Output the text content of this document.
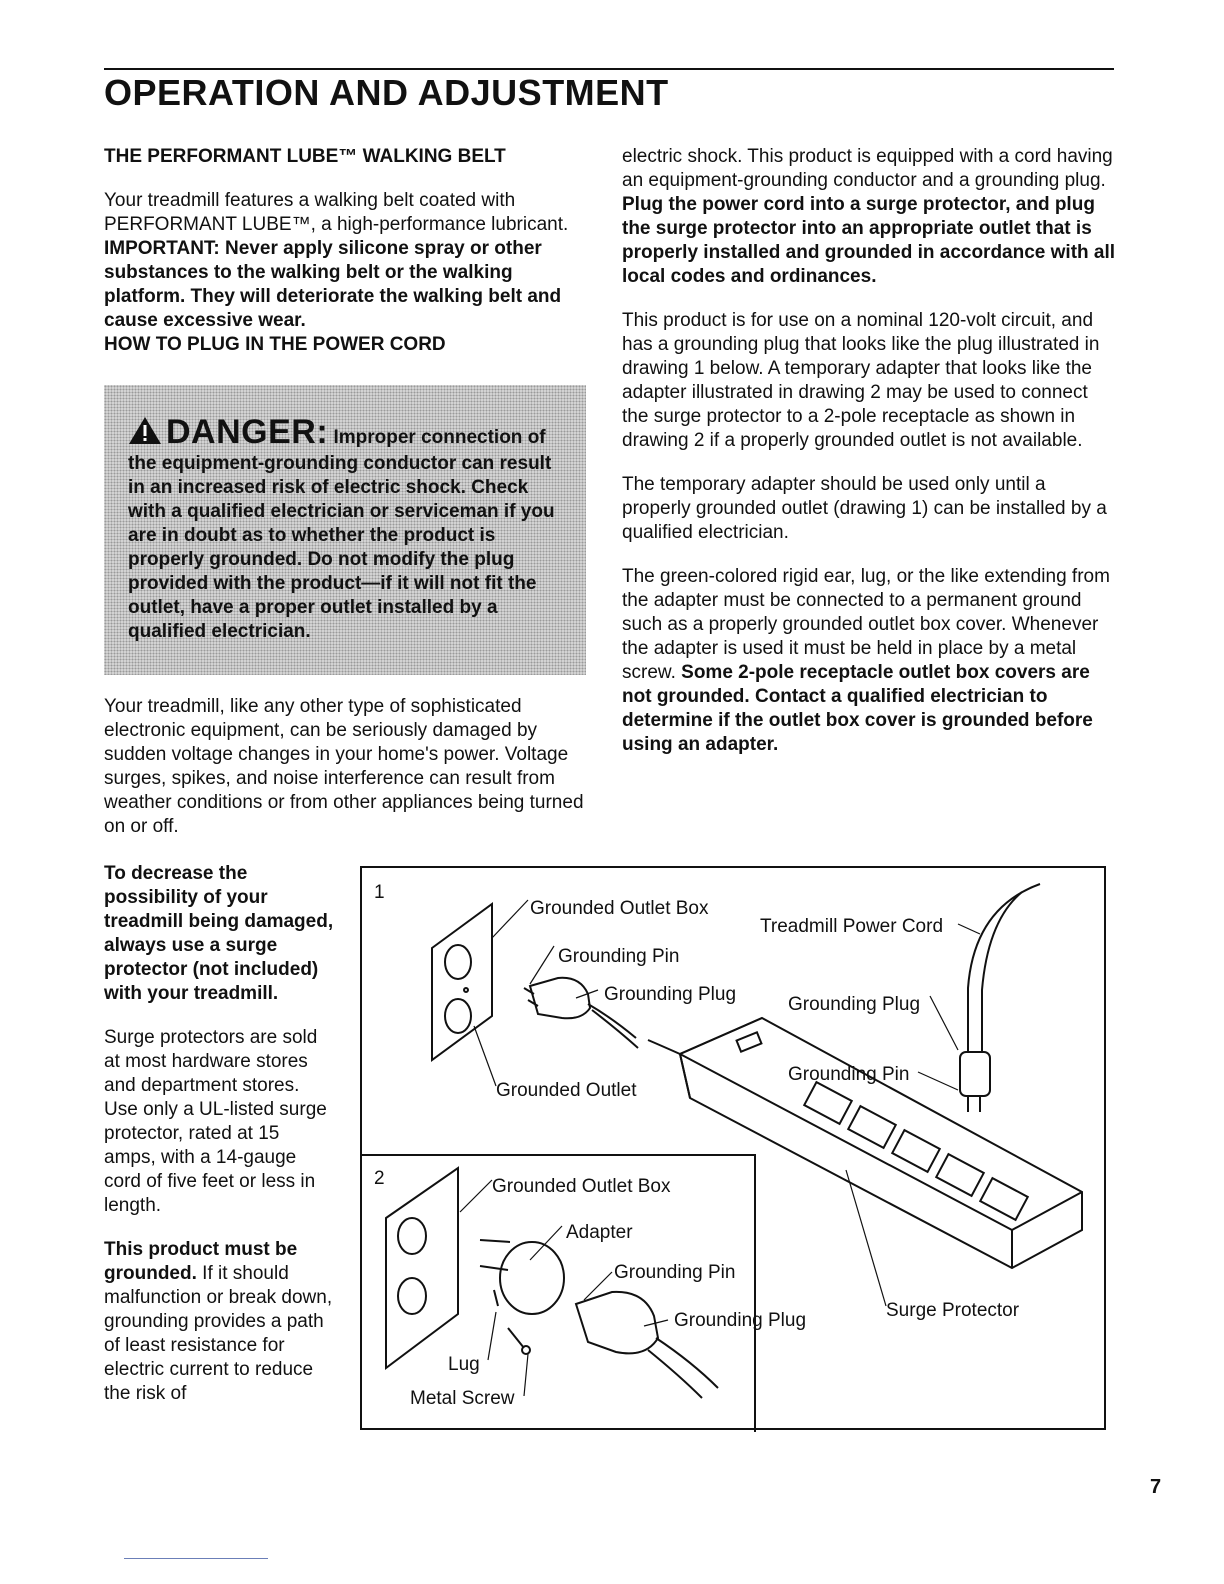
OPERATION AND ADJUSTMENT
THE PERFORMANT LUBE™ WALKING BELT

Your treadmill features a walking belt coated with PERFORMANT LUBE™, a high-performance lubricant. IMPORTANT: Never apply silicone spray or other substances to the walking belt or the walking platform. They will deteriorate the walking belt and cause excessive wear.

HOW TO PLUG IN THE POWER CORD
DANGER: Improper connection of the equipment-grounding conductor can result in an increased risk of electric shock. Check with a qualified electrician or serviceman if you are in doubt as to whether the product is properly grounded. Do not modify the plug provided with the product—if it will not fit the outlet, have a proper outlet installed by a qualified electrician.

Your treadmill, like any other type of sophisticated electronic equipment, can be seriously damaged by sudden voltage changes in your home's power. Voltage surges, spikes, and noise interference can result from weather conditions or from other appliances being turned on or off.

To decrease the possibility of your treadmill being damaged, always use a surge protector (not included) with your treadmill.

Surge protectors are sold at most hardware stores and department stores. Use only a UL-listed surge protector, rated at 15 amps, with a 14-gauge cord of five feet or less in length.

This product must be grounded. If it should malfunction or break down, grounding provides a path of least resistance for electric current to reduce the risk of

electric shock. This product is equipped with a cord having an equipment-grounding conductor and a grounding plug. Plug the power cord into a surge protector, and plug the surge protector into an appropriate outlet that is properly installed and grounded in accordance with all local codes and ordinances.

This product is for use on a nominal 120-volt circuit, and has a grounding plug that looks like the plug illustrated in drawing 1 below. A temporary adapter that looks like the adapter illustrated in drawing 2 may be used to connect the surge protector to a 2-pole receptacle as shown in drawing 2 if a properly grounded outlet is not available.

The temporary adapter should be used only until a properly grounded outlet (drawing 1) can be installed by a qualified electrician.

The green-colored rigid ear, lug, or the like extending from the adapter must be connected to a permanent ground such as a properly grounded outlet box cover. Whenever the adapter is used it must be held in place by a metal screw. Some 2-pole receptacle outlet box covers are not grounded. Contact a qualified electrician to determine if the outlet box cover is grounded before using an adapter.

1
2
Grounded Outlet Box
Grounding Pin
Grounding Plug
Grounded Outlet
Treadmill Power Cord
Grounding Plug
Grounding Pin
Grounded Outlet Box
Adapter
Grounding Pin
Grounding Plug
Lug
Metal Screw
Surge Protector
7
